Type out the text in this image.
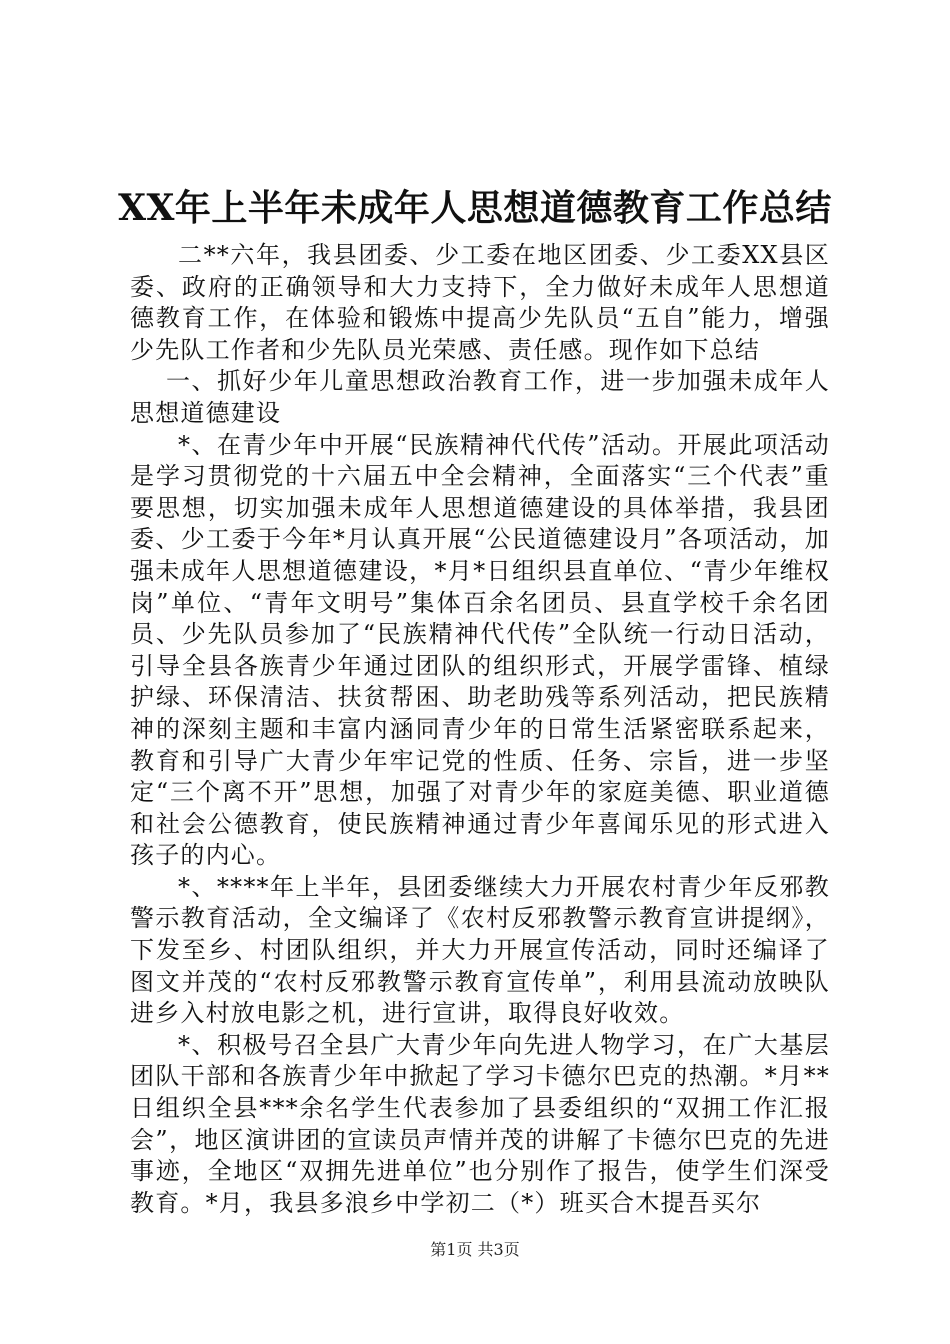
XX年上半年未成年人思想道德教育工作总结

二**六年，我县团委、少工委在地区团委、少工委XX县区委、政府的正确领导和大力支持下，全力做好未成年人思想道德教育工作，在体验和锻炼中提高少先队员“五自”能力，增强少先队工作者和少先队员光荣感、责任感。现作如下总结

一、抓好少年儿童思想政治教育工作，进一步加强未成年人思想道德建设

*、在青少年中开展“民族精神代代传”活动。开展此项活动是学习贯彻党的十六届五中全会精神，全面落实“三个代表”重要思想，切实加强未成年人思想道德建设的具体举措，我县团委、少工委于今年*月认真开展“公民道德建设月”各项活动，加强未成年人思想道德建设，*月*日组织县直单位、“青少年维权岗”单位、“青年文明号”集体百余名团员、县直学校千余名团员、少先队员参加了“民族精神代代传”全队统一行动日活动，引导全县各族青少年通过团队的组织形式，开展学雷锋、植绿护绿、环保清洁、扶贫帮困、助老助残等系列活动，把民族精神的深刻主题和丰富内涵同青少年的日常生活紧密联系起来，教育和引导广大青少年牢记党的性质、任务、宗旨，进一步坚定“三个离不开”思想，加强了对青少年的家庭美德、职业道德和社会公德教育，使民族精神通过青少年喜闻乐见的形式进入孩子的内心。

*、****年上半年，县团委继续大力开展农村青少年反邪教警示教育活动，全文编译了《农村反邪教警示教育宣讲提纲》，下发至乡、村团队组织，并大力开展宣传活动，同时还编译了图文并茂的“农村反邪教警示教育宣传单”，利用县流动放映队进乡入村放电影之机，进行宣讲，取得良好收效。

*、积极号召全县广大青少年向先进人物学习，在广大基层团队干部和各族青少年中掀起了学习卡德尔巴克的热潮。*月**日组织全县***余名学生代表参加了县委组织的“双拥工作汇报会”，地区演讲团的宣读员声情并茂的讲解了卡德尔巴克的先进事迹，全地区“双拥先进单位”也分别作了报告，使学生们深受教育。*月，我县多浪乡中学初二（*）班买合木提吾买尔

第1页 共3页
